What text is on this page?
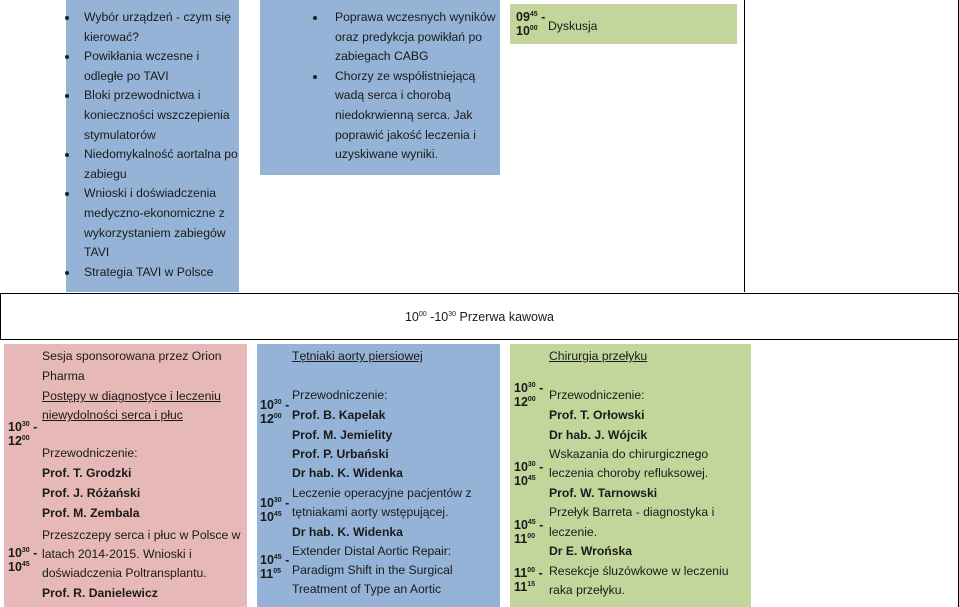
Wybór urządzeń - czym się
kierować?
Powikłania wczesne i
odległe po TAVI
Bloki przewodnictwa i
konieczności wszczepienia
stymulatorów
Niedomykalność aortalna po
zabiegu
Wnioski i doświadczenia
medyczno-ekonomiczne z
wykorzystaniem zabiegów
TAVI
Strategia TAVI w Polsce
Poprawa wczesnych wyników
oraz predykcja powikłań po
zabiegach CABG
Chorzy ze współistniejącą
wadą serca i chorobą
niedokrwienną serca. Jak
poprawić jakość leczenia i
uzyskiwane wyniki.
$09^{45}$ -
$10^{00}$ Dyskusja
$10^{00}$ $-10^{30}$ Przerwa kawowa
Sesja sponsorowana przez Orion
Pharma
Postępy w diagnostyce i leczeniu
niewydolności serca i płuc
$10^{30}$ -
$12^{00}$
Przewodniczenie:
Prof. T. Grodzki
Prof. J. Różański
Prof. M. Zembala
Przeszczepy serca i płuc w Polsce w
latach 2014-2015. Wnioski i
doświadczenia Poltransplantu.
Prof. R. Danielewicz
$10^{30}$ -
$10^{45}$
Tętniaki aorty piersiowej
$10^{30}$ -
$12^{00}$
Przewodniczenie:
Prof. B. Kapelak
Prof. M. Jemielity
Prof. P. Urbański
Dr hab. K. Widenka
$10^{30}$ -
$10^{45}$
Leczenie operacyjne pacjentów z
tętniakami aorty wstępującej.
Dr hab. K. Widenka
$10^{45}$ -
$11^{05}$
Extender Distal Aortic Repair:
Paradigm Shift in the Surgical
Treatment of Type an Aortic
Chirurgia przełyku
$10^{30}$ -
$12^{00}$	Przewodniczenie:
Prof. T. Orłowski
Dr hab. J. Wójcik
$10^{30}$ -
$10^{45}$
Wskazania do chirurgicznego
leczenia choroby refluksowej.
Prof. W. Tarnowski
$10^{45}$ -
$11^{00}$
Przełyk Barreta - diagnostyka i
leczenie.
Dr E. Wrońska
$11^{00}$ -
$11^{15}$
Resekcje śluzówkowe w leczeniu
raka przełyku.
